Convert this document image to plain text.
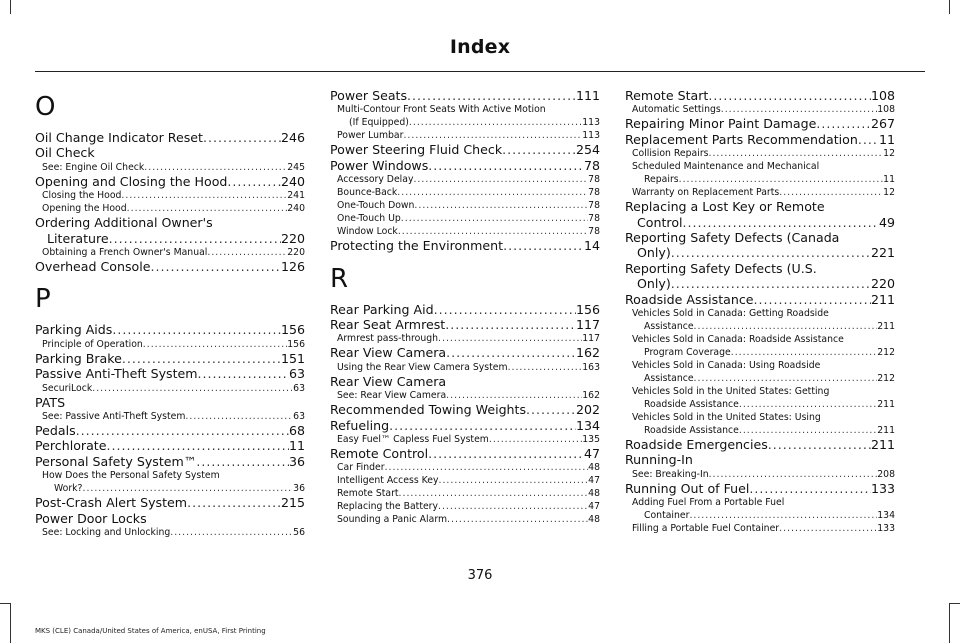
Index
O
Oil Change Indicator Reset .....	246
Oil Check
See: Engine Oil Check .....	245
Opening and Closing the Hood .....	240
Closing the Hood .....	241
Opening the Hood .....	240
Ordering Additional Owner's
Literature .....	220
Obtaining a French Owner's Manual .....	220
Overhead Console .....	126
P
Parking Aids .....	156
Principle of Operation .....	156
Parking Brake .....	151
Passive Anti-Theft System .....	63
SecuriLock .....	63
PATS
See: Passive Anti-Theft System .....	63
Pedals .....	68
Perchlorate .....	11
Personal Safety System™ .....	36
How Does the Personal Safety System
Work? .....	36
Post-Crash Alert System .....	215
Power Door Locks
See: Locking and Unlocking .....	56
Power Seats .....	111
Multi-Contour Front Seats With Active Motion
(If Equipped) .....	113
Power Lumbar .....	113
Power Steering Fluid Check .....	254
Power Windows .....	78
Accessory Delay .....	78
Bounce-Back .....	78
One-Touch Down .....	78
One-Touch Up .....	78
Window Lock .....	78
Protecting the Environment .....	14
R
Rear Parking Aid .....	156
Rear Seat Armrest .....	117
Armrest pass-through .....	117
Rear View Camera .....	162
Using the Rear View Camera System .....	163
Rear View Camera
See: Rear View Camera .....	162
Recommended Towing Weights .....	202
Refueling .....	134
Easy Fuel™ Capless Fuel System .....	135
Remote Control .....	47
Car Finder .....	48
Intelligent Access Key .....	47
Remote Start .....	48
Replacing the Battery .....	47
Sounding a Panic Alarm .....	48
Remote Start .....	108
Automatic Settings .....	108
Repairing Minor Paint Damage .....	267
Replacement Parts Recommendation ..... 11
Collision Repairs .....	12
Scheduled Maintenance and Mechanical
Repairs .....	11
Warranty on Replacement Parts .....	12
Replacing a Lost Key or Remote
Control .....	49
Reporting Safety Defects (Canada
Only) .....	221
Reporting Safety Defects (U.S.
Only) .....	220
Roadside Assistance .....	211
Vehicles Sold in Canada: Getting Roadside
Assistance .....	211
Vehicles Sold in Canada: Roadside Assistance
Program Coverage .....	212
Vehicles Sold in Canada: Using Roadside
Assistance .....	212
Vehicles Sold in the United States: Getting
Roadside Assistance .....	211
Vehicles Sold in the United States: Using
Roadside Assistance .....	211
Roadside Emergencies .....	211
Running-In
See: Breaking-In .....	208
Running Out of Fuel .....	133
Adding Fuel From a Portable Fuel
Container .....	134
Filling a Portable Fuel Container .....	133
376
MKS (CLE) Canada/United States of America, enUSA, First Printing
